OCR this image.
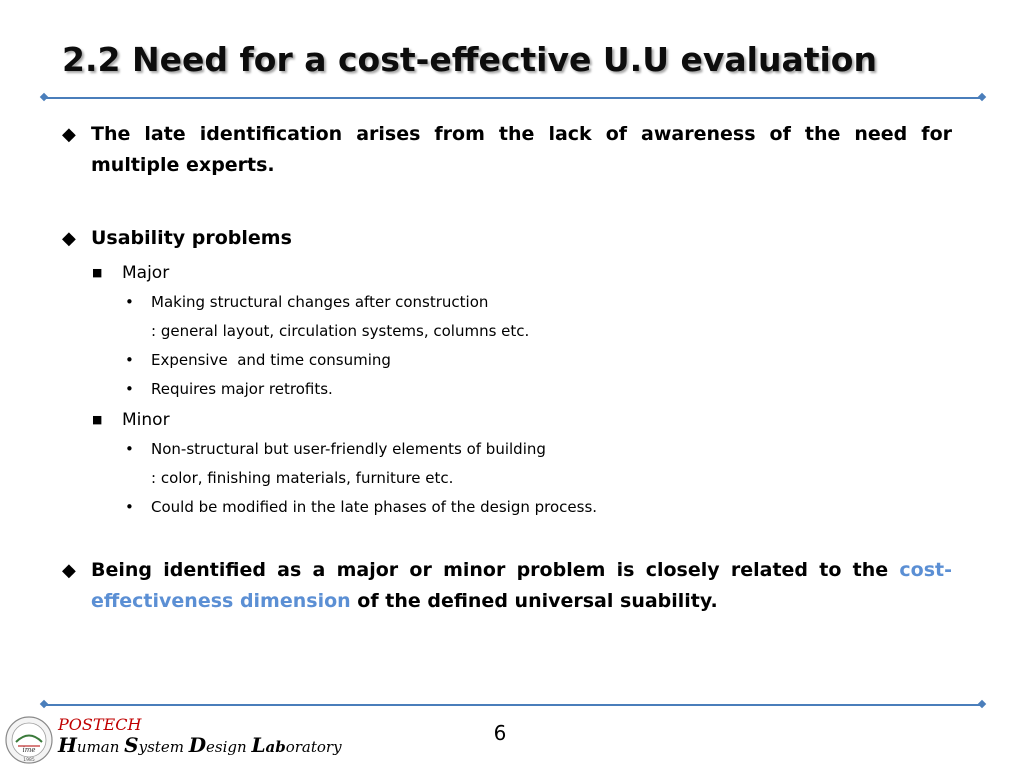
2.2 Need for a cost-effective U.U evaluation
◆ The late identification arises from the lack of awareness of the need for multiple experts.
◆ Usability problems
■ Major
• Making structural changes after construction
: general layout, circulation systems, columns etc.
• Expensive  and time consuming
• Requires major retrofits.
■ Minor
• Non-structural but user-friendly elements of building
: color, finishing materials, furniture etc.
• Could be modified in the late phases of the design process.
◆ Being identified as a major or minor problem is closely related to the cost-effectiveness dimension of the defined universal suability.
ime
1985
POSTECH
Human System Design Laboratory
6
